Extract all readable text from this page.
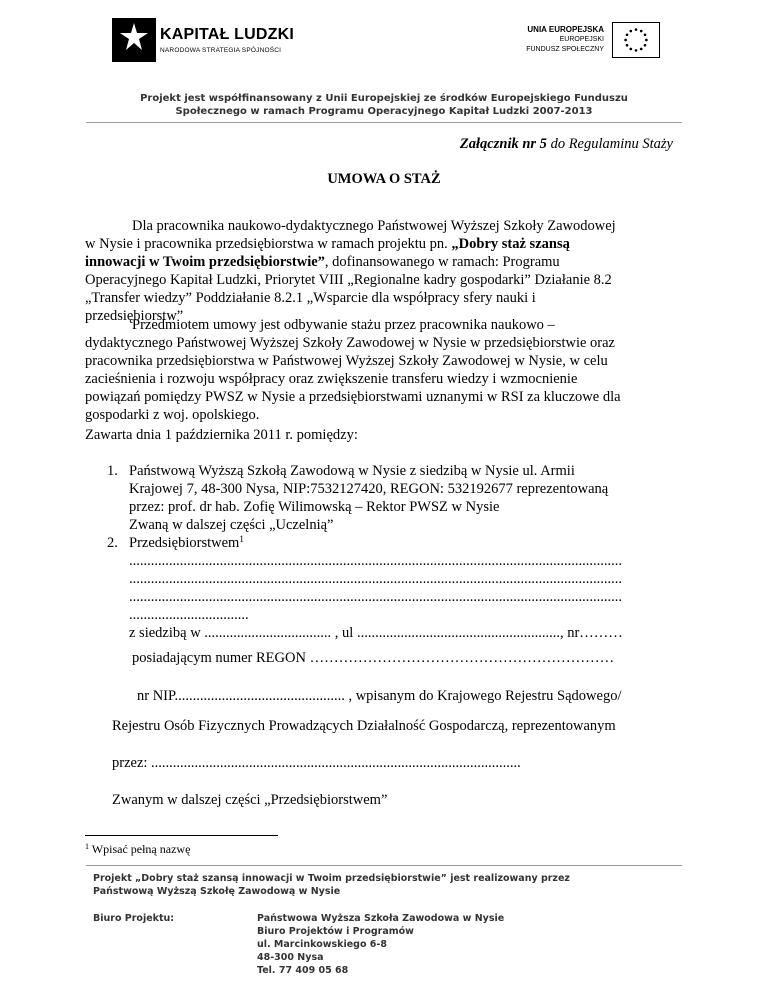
KAPITAŁ LUDZKI
NARODOWA STRATEGIA SPÓJNOŚCI
UNIA EUROPEJSKA
EUROPEJSKI
FUNDUSZ SPOŁECZNY
Projekt jest współfinansowany z Unii Europejskiej ze środków Europejskiego Funduszu
Społecznego w ramach Programu Operacyjnego Kapitał Ludzki 2007-2013
Załącznik nr 5 do Regulaminu Staży
UMOWA O STAŻ
Dla pracownika naukowo-dydaktycznego Państwowej Wyższej Szkoły Zawodowej
w Nysie i pracownika przedsiębiorstwa w ramach projektu pn. „Dobry staż szansą
innowacji w Twoim przedsiębiorstwie”, dofinansowanego w ramach: Programu
Operacyjnego Kapitał Ludzki, Priorytet VIII „Regionalne kadry gospodarki” Działanie 8.2
„Transfer wiedzy” Poddziałanie 8.2.1 „Wsparcie dla współpracy sfery nauki i
przedsiębiorstw”
Przedmiotem umowy jest odbywanie stażu przez pracownika naukowo –
dydaktycznego Państwowej Wyższej Szkoły Zawodowej w Nysie w przedsiębiorstwie oraz
pracownika przedsiębiorstwa w Państwowej Wyższej Szkoły Zawodowej w Nysie, w celu
zacieśnienia i rozwoju współpracy oraz zwiększenie transferu wiedzy i wzmocnienie
powiązań pomiędzy PWSZ w Nysie a przedsiębiorstwami uznanymi w RSI za kluczowe dla
gospodarki z woj. opolskiego.
Zawarta dnia 1 października 2011 r. pomiędzy:
1. Państwową Wyższą Szkołą Zawodową w Nysie z siedzibą w Nysie ul. Armii
Krajowej 7, 48-300 Nysa, NIP:7532127420, REGON: 532192677 reprezentowaną
przez: prof. dr hab. Zofię Wilimowską – Rektor PWSZ w Nysie
Zwaną w dalszej części „Uczelnią”
2. Przedsiębiorstwem$^1$
........................................................................................................................................
........................................................................................................................................
........................................................................................................................................
.................................
z siedzibą w ................................... , ul ........................................................, nr………
posiadającym numer REGON ………………………………………………………
nr NIP............................................... , wpisanym do Krajowego Rejestru Sądowego/
Rejestru Osób Fizycznych Prowadzących Działalność Gospodarczą, reprezentowanym
przez: ......................................................................................................
Zwanym w dalszej części „Przedsiębiorstwem”
$^1$ Wpisać pełną nazwę
Projekt „Dobry staż szansą innowacji w Twoim przedsiębiorstwie” jest realizowany przez
Państwową Wyższą Szkołę Zawodową w Nysie
Biuro Projektu:	Państwowa Wyższa Szkoła Zawodowa w Nysie
Biuro Projektów i Programów
ul. Marcinkowskiego 6-8
48-300 Nysa
Tel. 77 409 05 68
